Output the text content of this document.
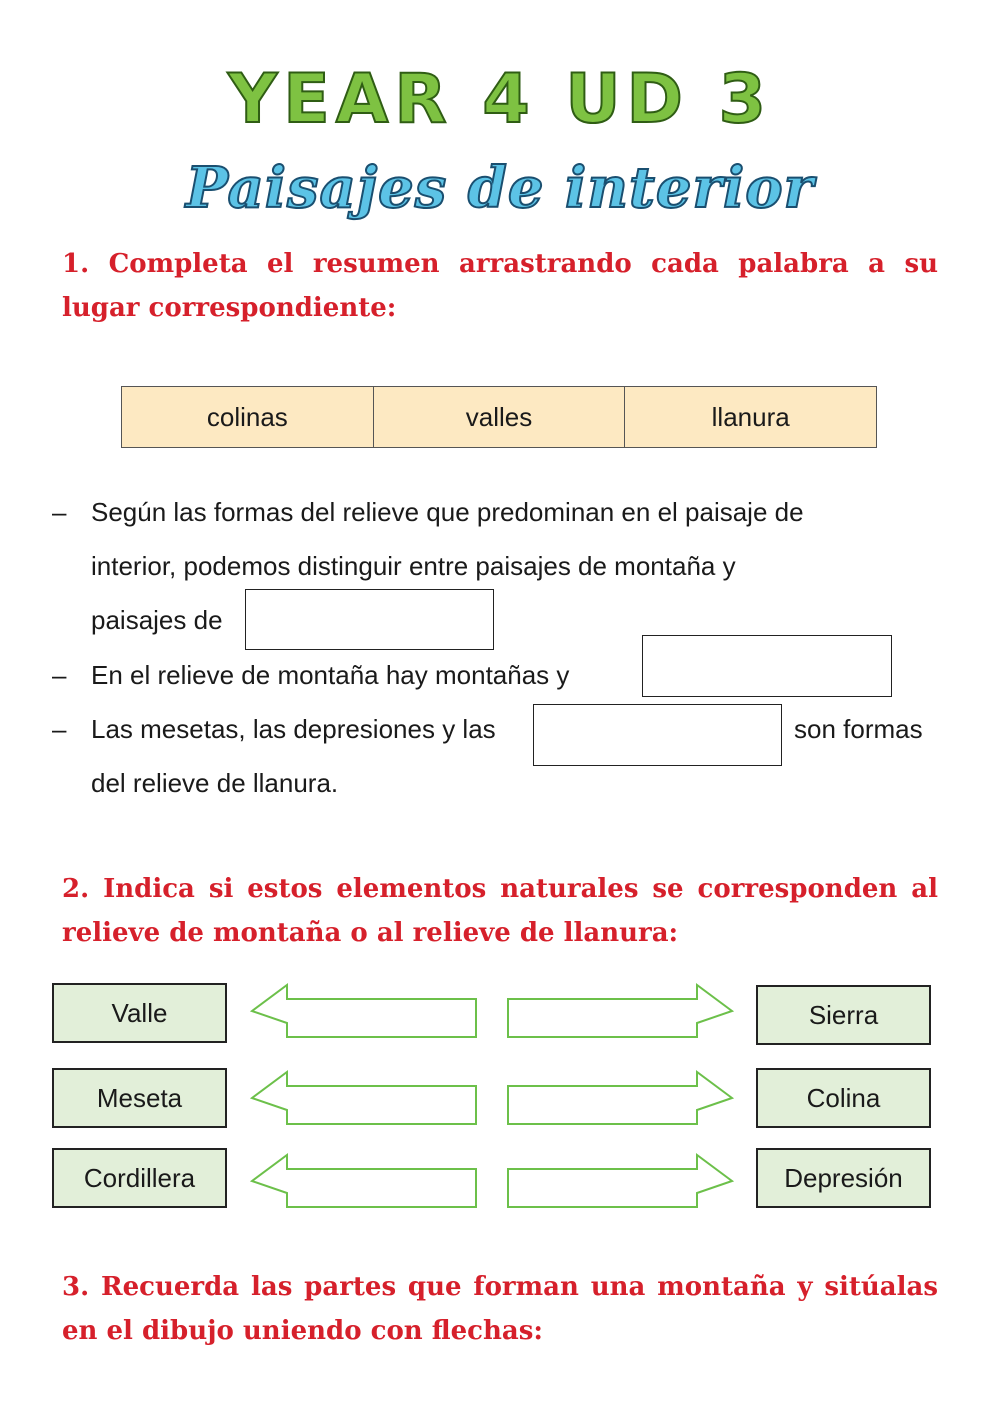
YEAR 4 UD 3
Paisajes de interior
1. Completa el resumen arrastrando cada palabra a su lugar correspondiente:
colinas	valles	llanura
– Según las formas del relieve que predominan en el paisaje de
interior, podemos distinguir entre paisajes de montaña y
paisajes de
– En el relieve de montaña hay montañas y
– Las mesetas, las depresiones y las	son formas
del relieve de llanura.
2. Indica si estos elementos naturales se corresponden al relieve de montaña o al relieve de llanura:
Valle	Sierra
Meseta	Colina
Cordillera	Depresión
3. Recuerda las partes que forman una montaña y sitúalas en el dibujo uniendo con flechas:
